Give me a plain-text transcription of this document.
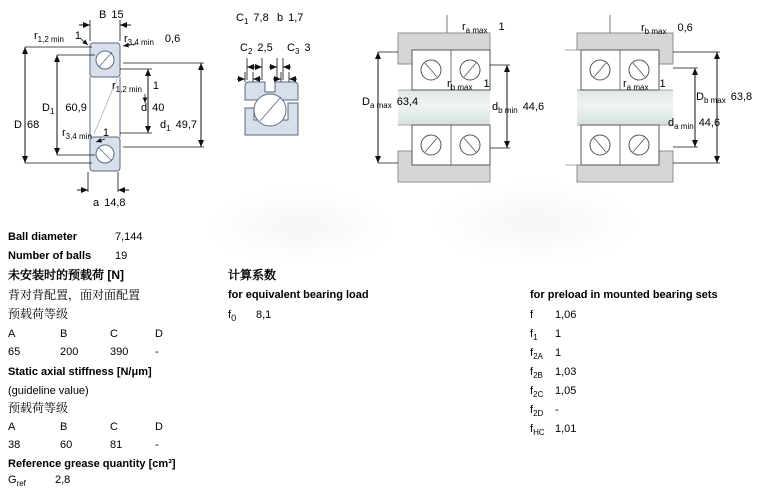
B 15
$r_{1,2 min}$ 1	$r_{3,4 min}$ 0,6
$r_{1,2 min}$ 1
$D_1$ 60,9	d 40
D 68
$r_{3,4 min}$ 1
$d_1$ 49,7
a 14,8
$C_1$ 7,8 b 1,7
$C_2$ 2,5 $C_3$ 3
$r_{a max}$ 1
$r_{b max}$ 1
$D_{a max}$ 63,4	$d_{b min}$ 44,6
$r_{b max}$ 0,6
$r_{a max}$ 1
$D_{b max}$ 63,8
$d_{a min}$ 44,6
Ball diameter	7,144
Number of balls 19
未安装时的预载荷 [N]
背对背配置，面对面配置
预载荷等级
A	B	C	D
65	200	390	-
Static axial stiffness [N/μm]
(guideline value)
预载荷等级
A	B	C	D
38	60	81	-
Reference grease quantity [cm³]
$G_{ref}$	2,8
计算系数
for equivalent bearing load
$f_0$ 8,1
for preload in mounted bearing sets
f 1,06
$f_1$ 1
$f_{2A}$ 1
$f_{2B}$ 1,03
$f_{2C}$ 1,05
$f_{2D}$ -
$f_{HC}$ 1,01
